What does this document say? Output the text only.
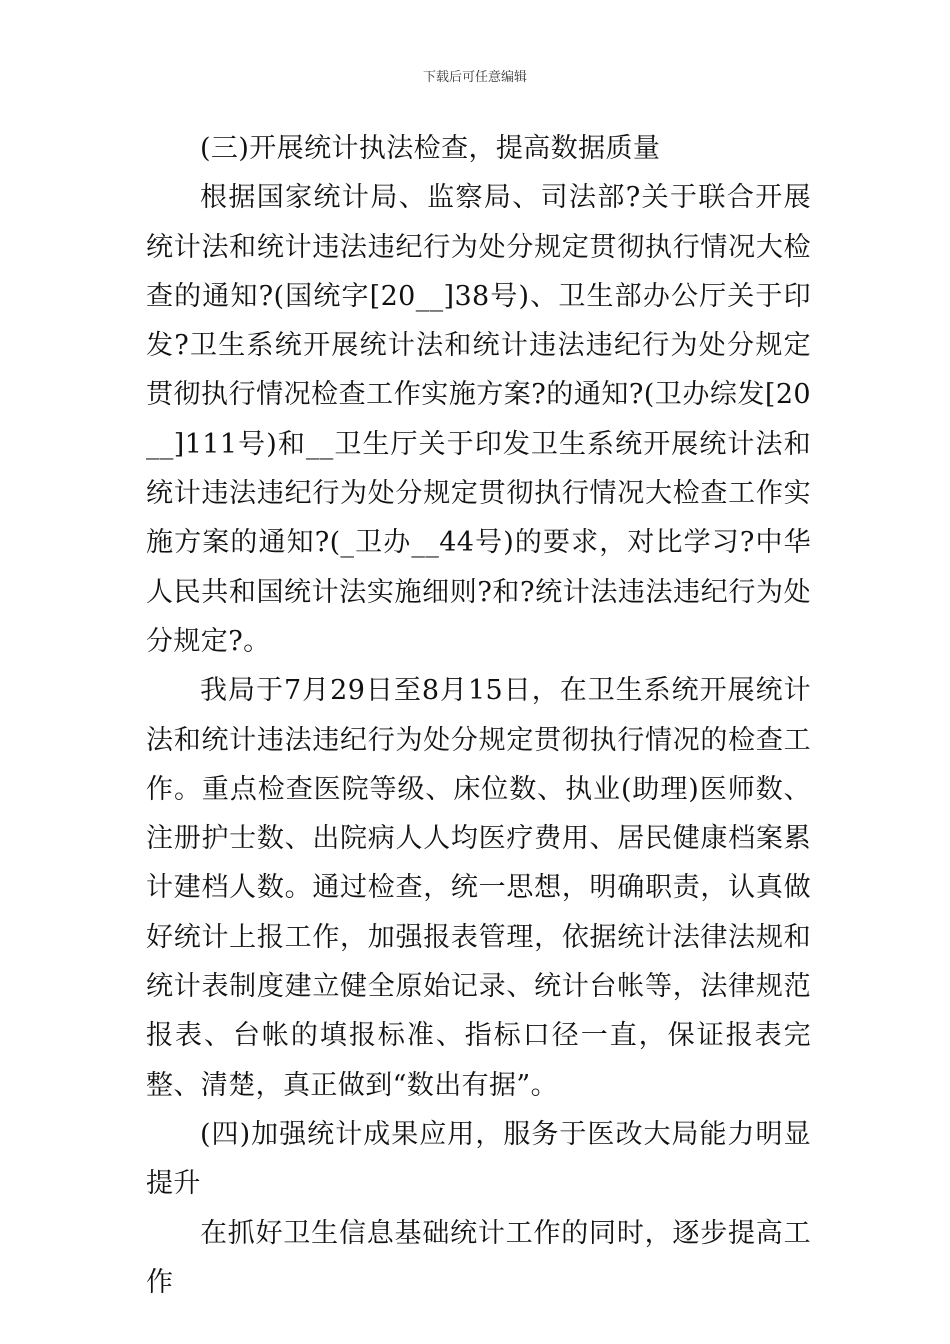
下载后可任意编辑

(三)开展统计执法检查，提高数据质量

根据国家统计局、监察局、司法部?关于联合开展统计法和统计违法违纪行为处分规定贯彻执行情况大检查的通知?(国统字[20__]38号)、卫生部办公厅关于印发?卫生系统开展统计法和统计违法违纪行为处分规定贯彻执行情况检查工作实施方案?的通知?(卫办综发[20__]111号)和__卫生厅关于印发卫生系统开展统计法和统计违法违纪行为处分规定贯彻执行情况大检查工作实施方案的通知?(_卫办__44号)的要求，对比学习?中华人民共和国统计法实施细则?和?统计法违法违纪行为处分规定?。

我局于7月29日至8月15日，在卫生系统开展统计法和统计违法违纪行为处分规定贯彻执行情况的检查工作。重点检查医院等级、床位数、执业(助理)医师数、注册护士数、出院病人人均医疗费用、居民健康档案累计建档人数。通过检查，统一思想，明确职责，认真做好统计上报工作，加强报表管理，依据统计法律法规和统计表制度建立健全原始记录、统计台帐等，法律规范报表、台帐的填报标准、指标口径一直，保证报表完整、清楚，真正做到“数出有据”。

(四)加强统计成果应用，服务于医改大局能力明显提升

在抓好卫生信息基础统计工作的同时，逐步提高工作
